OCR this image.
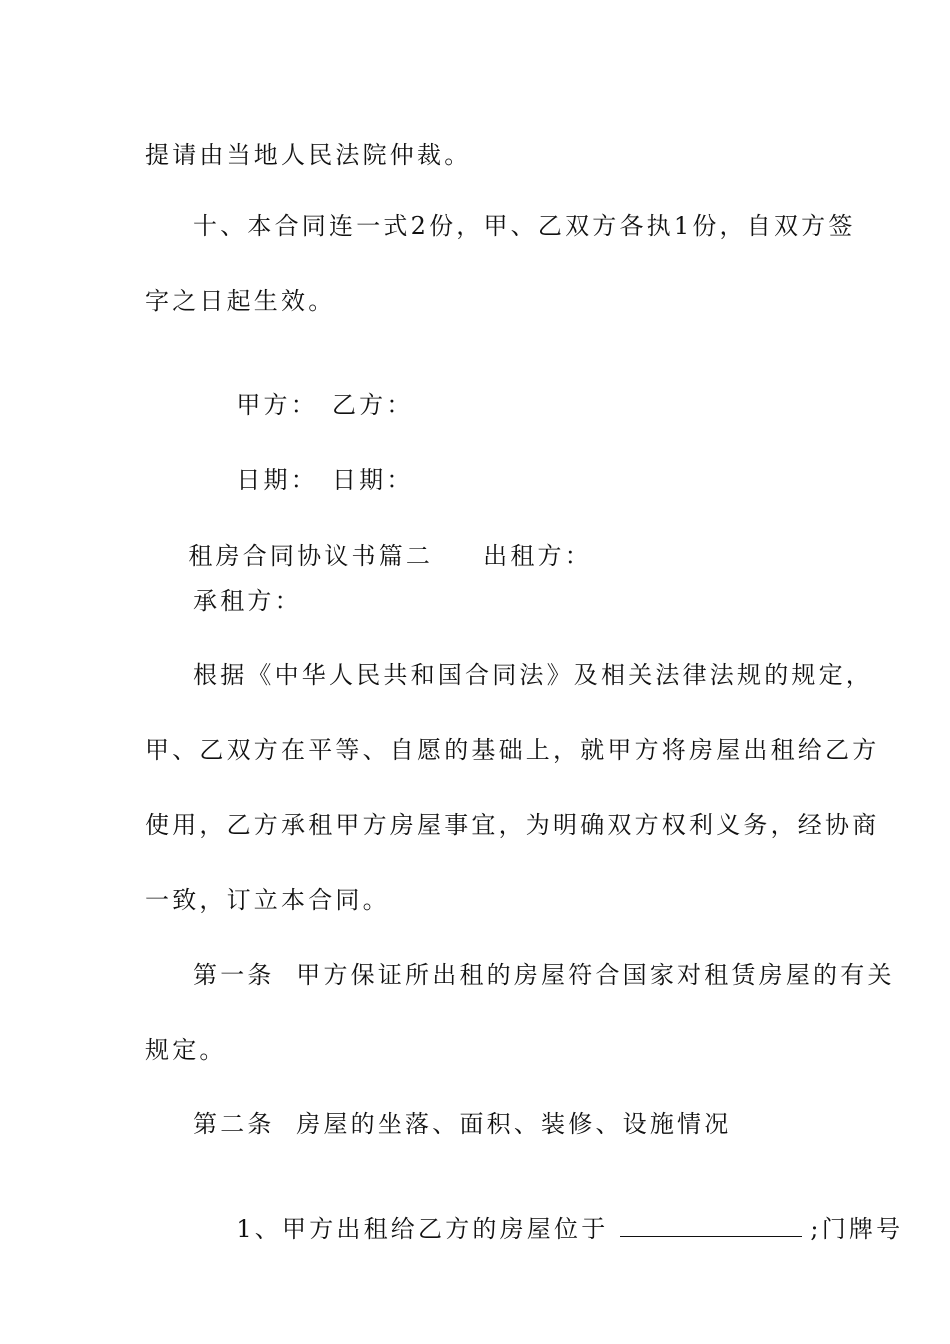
提请由当地人民法院仲裁。
十、本合同连一式2份，甲、乙双方各执1份，自双方签
字之日起生效。

甲方： 乙方：

日期： 日期：

租房合同协议书篇二 出租方：

承租方：
根据《中华人民共和国合同法》及相关法律法规的规定，
甲、乙双方在平等、自愿的基础上，就甲方将房屋出租给乙方
使用，乙方承租甲方房屋事宜，为明确双方权利义务，经协商
一致，订立本合同。
第一条  甲方保证所出租的房屋符合国家对租赁房屋的有关
规定。
第二条  房屋的坐落、面积、装修、设施情况

1、甲方出租给乙方的房屋位于	;门牌号
